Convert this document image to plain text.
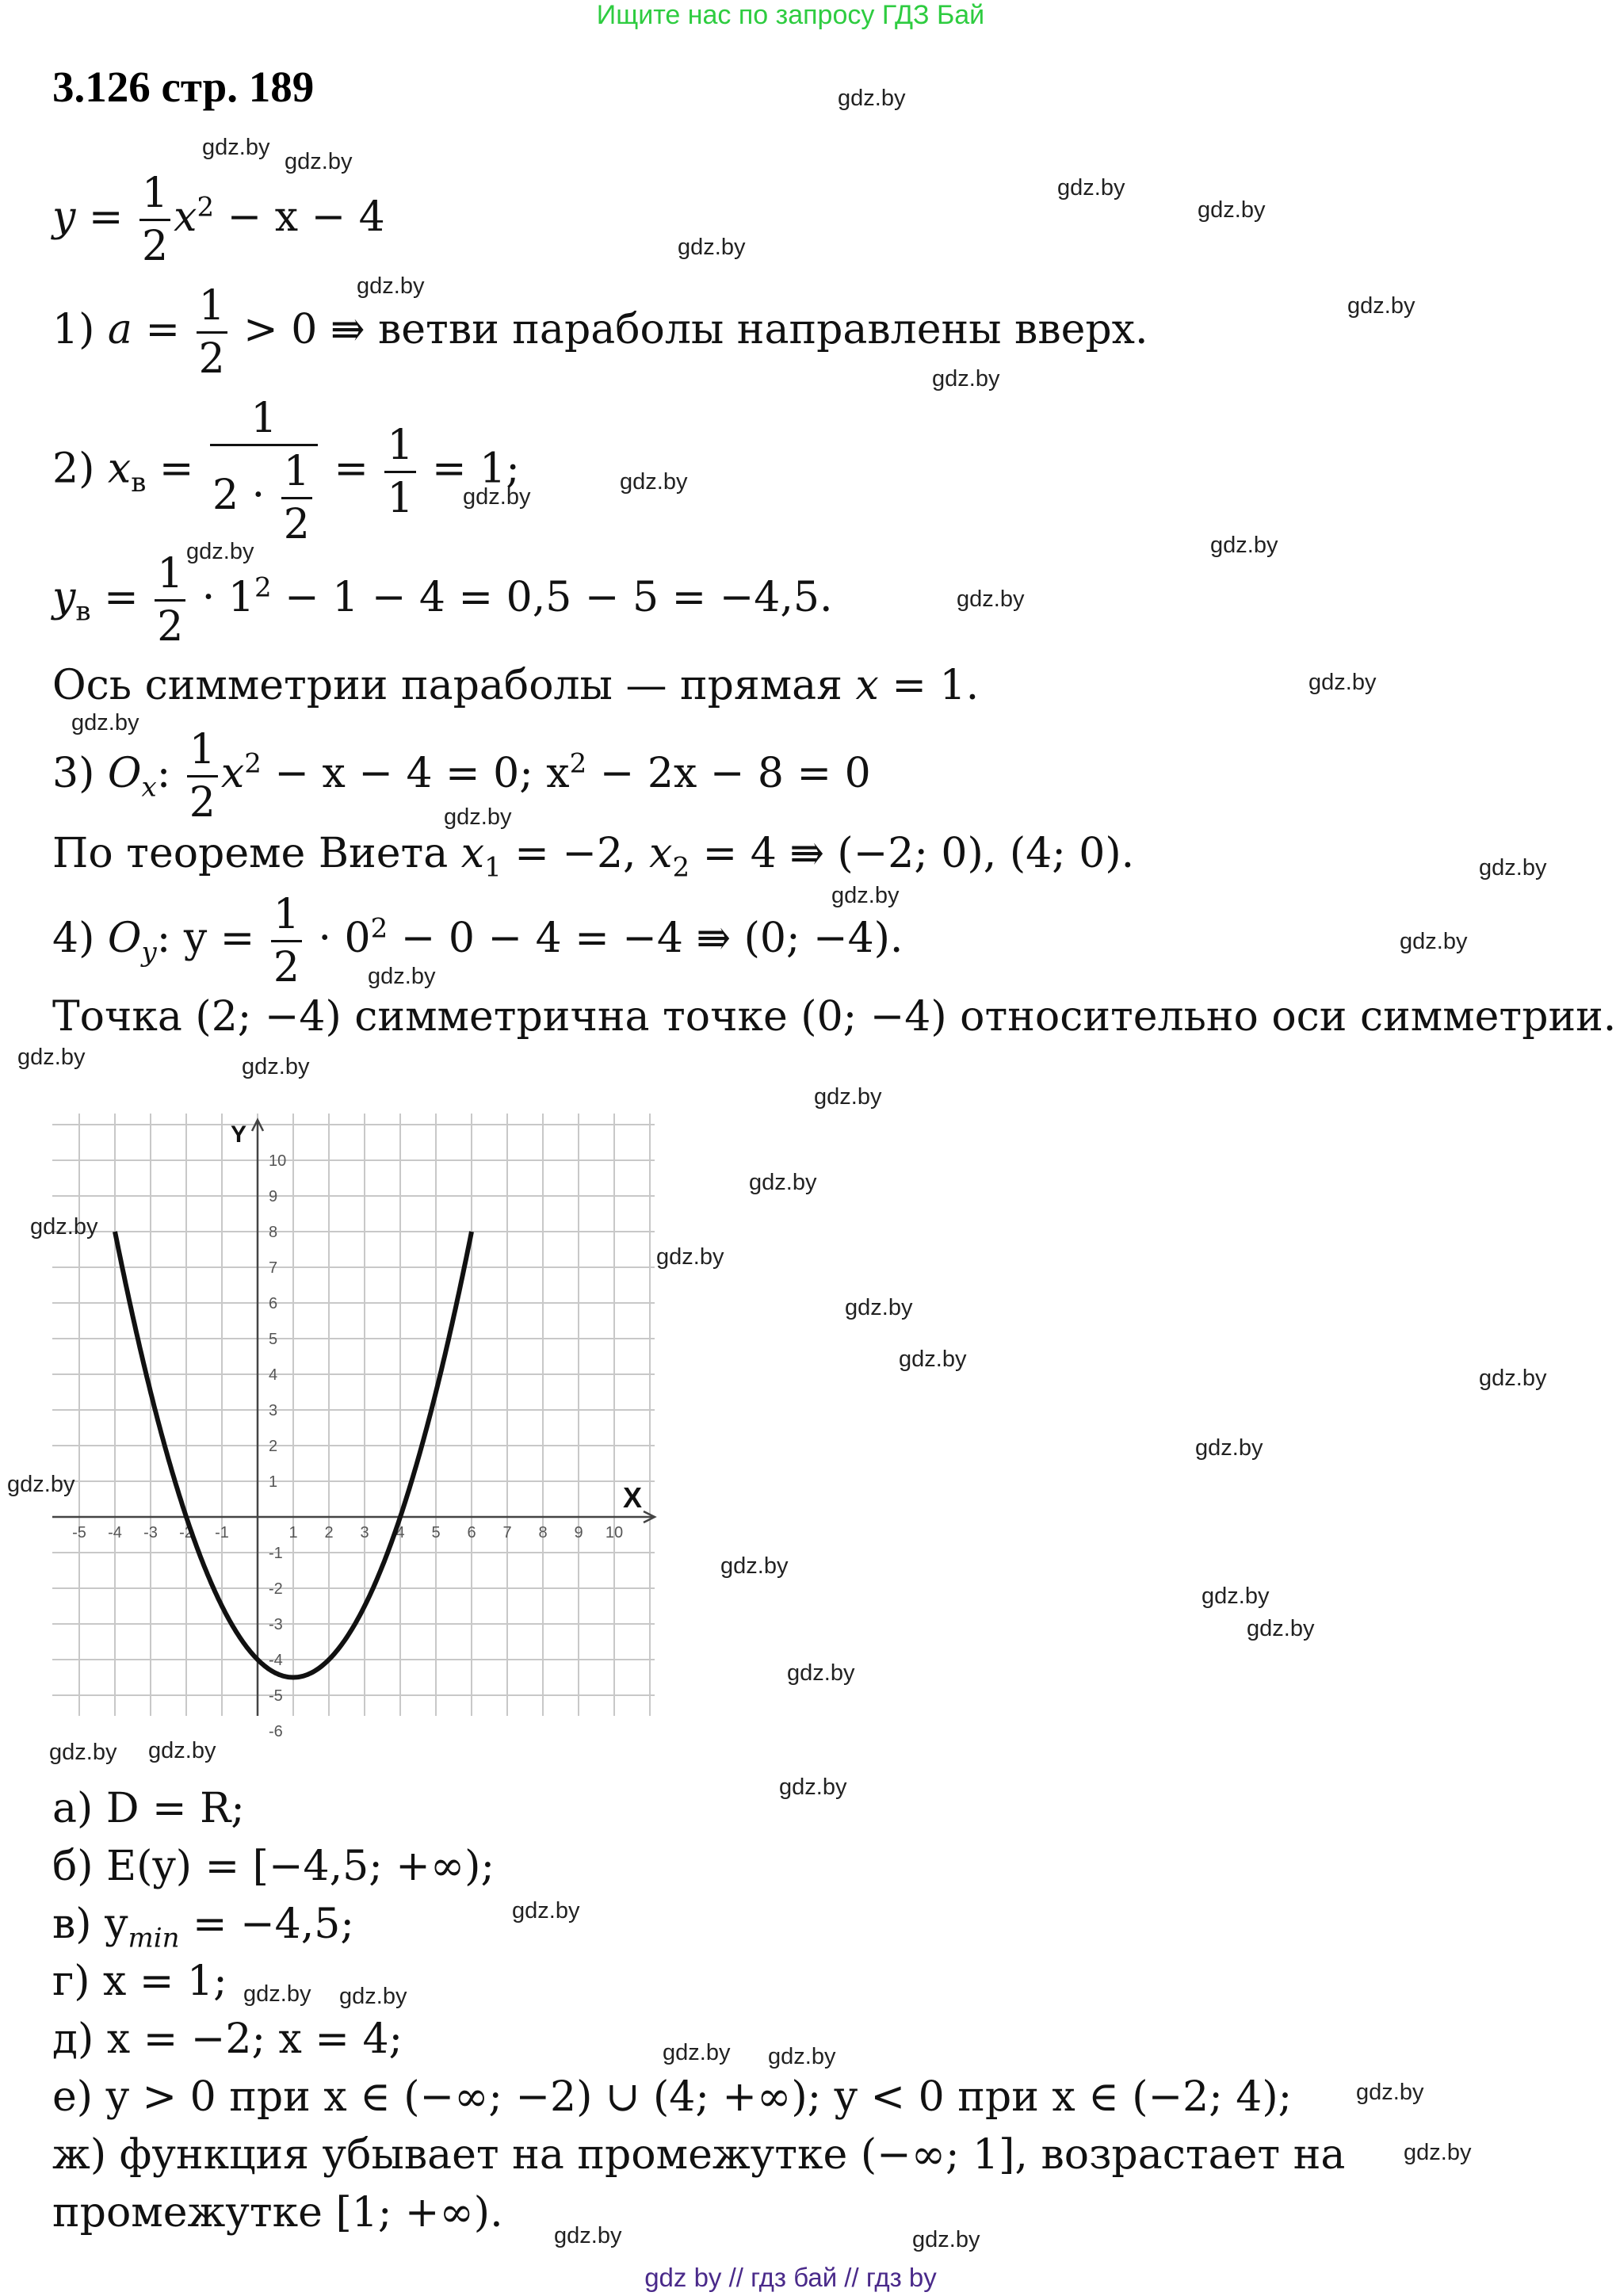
Ищите нас по запросу ГДЗ Бай
3.126 стр. 189
$y = \frac{1}{2} x^2 - x - 4$
1) $a = \frac{1}{2} > 0$ ⇛ ветви параболы направлены вверх.
2) $x_в = \frac{1}{2 \cdot \frac{1}{2}} = \frac{1}{1} = 1$;
$y_в = \frac{1}{2} \cdot 1^2 - 1 - 4 = 0,5 - 5 = -4,5$.
Ось симметрии параболы — прямая x = 1.
3) $O_x$: $\frac{1}{2} x^2 - x - 4 = 0$; $x^2 - 2x - 8 = 0$
По теореме Виета $x_1 = -2$, $x_2 = 4$ ⇛ (−2; 0), (4; 0).
4) $O_y$: $y = \frac{1}{2} \cdot 0^2 - 0 - 4 = -4$ ⇛ (0; −4).
Точка (2; −4) симметрична точке (0; −4) относительно оси симметрии.
-5 -4 -3 -2 -1	1 2 3 4 5 6 7 8 9 10
10
9
8
7
6
5
4
3
2
1
-1
-2
-3
-4
-5
-6
X
Y
а) D = R;
б) E(y) = [−4,5; +∞);
в) $y_{min} = -4,5$;
г) x = 1;
д) x = −2; x = 4;
е) y > 0 при x ∈ (−∞; −2) ∪ (4; +∞); y < 0 при x ∈ (−2; 4);
ж) функция убывает на промежутке (−∞; 1], возрастает на
промежутке [1; +∞).
gdz.by
gdz.by
gdz.by
gdz.by
gdz.by
gdz.by
gdz.by
gdz.by
gdz.by
gdz.by
gdz.by
gdz.by
gdz.by
gdz.by
gdz.by
gdz.by
gdz.by
gdz.by
gdz.by
gdz.by
gdz.by
gdz.by	gdz.by
gdz.by
gdz.by
gdz.by
gdz.by
gdz.by
gdz.by
gdz.by
gdz.by
gdz.by
gdz.by
gdz.by
gdz.by
gdz.by
gdz.by gdz.by
gdz.by
gdz.by
gdz.by gdz.by
gdz.by gdz.by
gdz.by
gdz.by
gdz.by	gdz.by
gdz by // гдз бай // гдз by
